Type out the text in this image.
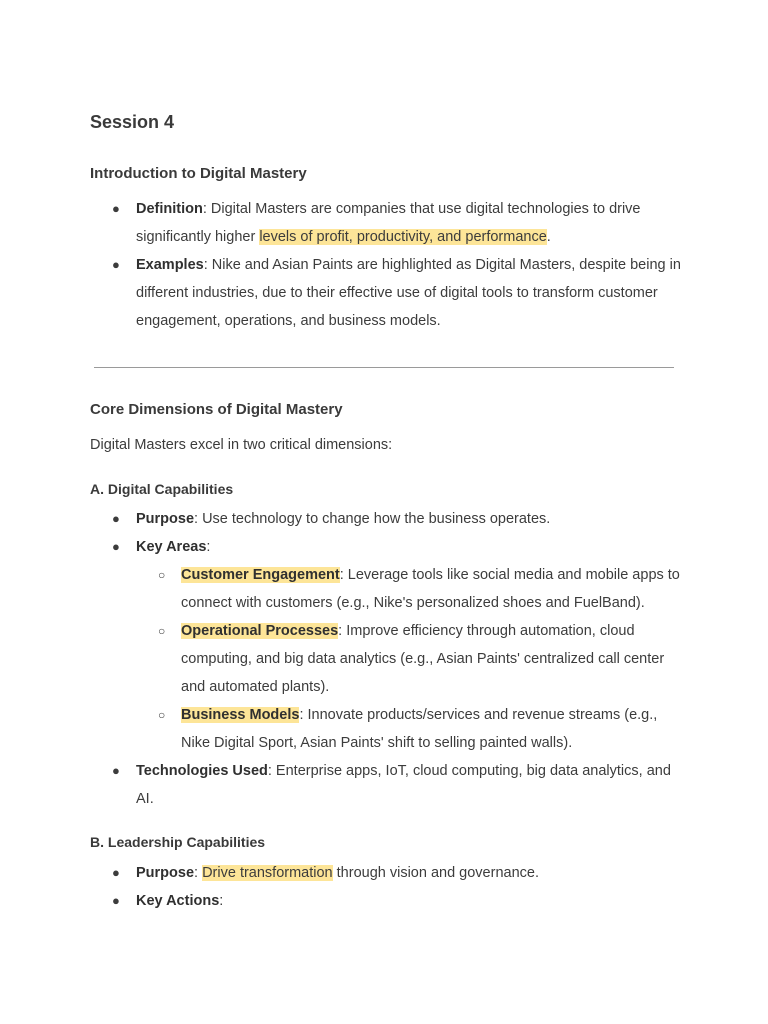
Session 4
Introduction to Digital Mastery
● Definition: Digital Masters are companies that use digital technologies to drive significantly higher levels of profit, productivity, and performance.
● Examples: Nike and Asian Paints are highlighted as Digital Masters, despite being in different industries, due to their effective use of digital tools to transform customer engagement, operations, and business models.
Core Dimensions of Digital Mastery

Digital Masters excel in two critical dimensions:

A. Digital Capabilities
● Purpose: Use technology to change how the business operates.
● Key Areas:
○ Customer Engagement: Leverage tools like social media and mobile apps to connect with customers (e.g., Nike's personalized shoes and FuelBand).
○ Operational Processes: Improve efficiency through automation, cloud computing, and big data analytics (e.g., Asian Paints' centralized call center and automated plants).
○ Business Models: Innovate products/services and revenue streams (e.g., Nike Digital Sport, Asian Paints' shift to selling painted walls).
● Technologies Used: Enterprise apps, IoT, cloud computing, big data analytics, and AI.
B. Leadership Capabilities
● Purpose: Drive transformation through vision and governance.
● Key Actions:
